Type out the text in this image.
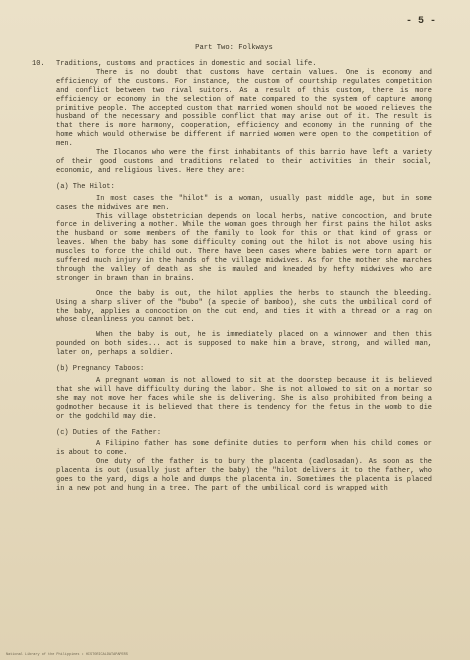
- 5 -
Part Two: Folkways

10. Traditions, customs and practices in domestic and social life.

There is no doubt that customs have certain values. One is economy and efficiency of the customs. For instance, the custom of courtship regulates competition and conflict between two rival suitors. As a result of this custom, there is more efficiency or economy in the selection of mate compared to the system of capture among primitive people. The accepted custom that married women should not be wooed relieves the husband of the necessary and possible conflict that may arise out of it. The result is that there is more harmony, cooperation, efficiency and economy in the running of the home which would otherwise be different if married women were open to the competition of men.

The Ilocanos who were the first inhabitants of this barrio have left a variety of their good customs and traditions related to their activities in their social, economic, and religious lives. Here they are:

(a) The Hilot:

In most cases the "hilot" is a woman, usually past middle age, but in some cases the midwives are men.

This village obstetrician depends on local herbs, native concoction, and brute force in delivering a mother. While the woman goes through her first pains the hilot asks the husband or some members of the family to look for this or that kind of grass or leaves. When the baby has some difficulty coming out the hilot is not above using his muscles to force the child out. There have been cases where babies were torn apart or suffered much injury in the hands of the village midwives. As for the mother she marches through the valley of death as she is mauled and kneaded by hefty midwives who are stronger in brawn than in brains.

Once the baby is out, the hilot applies the herbs to staunch the bleeding. Using a sharp sliver of the "bubo" (a specie of bamboo), she cuts the umbilical cord of the baby, applies a concoction on the cut end, and ties it with a thread or a rag on whose cleanliness you cannot bet.

When the baby is out, he is immediately placed on a winnower and then this pounded on both sides... act is supposed to make him a brave, strong, and willed man, later on, perhaps a soldier.

(b) Pregnancy Taboos:

A pregnant woman is not allowed to sit at the doorstep because it is believed that she will have difficulty during the labor. She is not allowed to sit on a mortar so she may not move her faces while she is delivering. She is also prohibited from being a godmother because it is believed that there is tendency for the fetus in the womb to die or the godchild may die.

(c) Duties of the Father:

A Filipino father has some definite duties to perform when his child comes or is about to come.

One duty of the father is to bury the placenta (cadlosadan). As soon as the placenta is out (usually just after the baby) the "hilot delivers it to the father, who goes to the yard, digs a hole and dumps the placenta in. Sometimes the placenta is placed in a new pot and hung in a tree. The part of the umbilical cord is wrapped with

National Library of the Philippines • HISTORICALDATAPAPERS
